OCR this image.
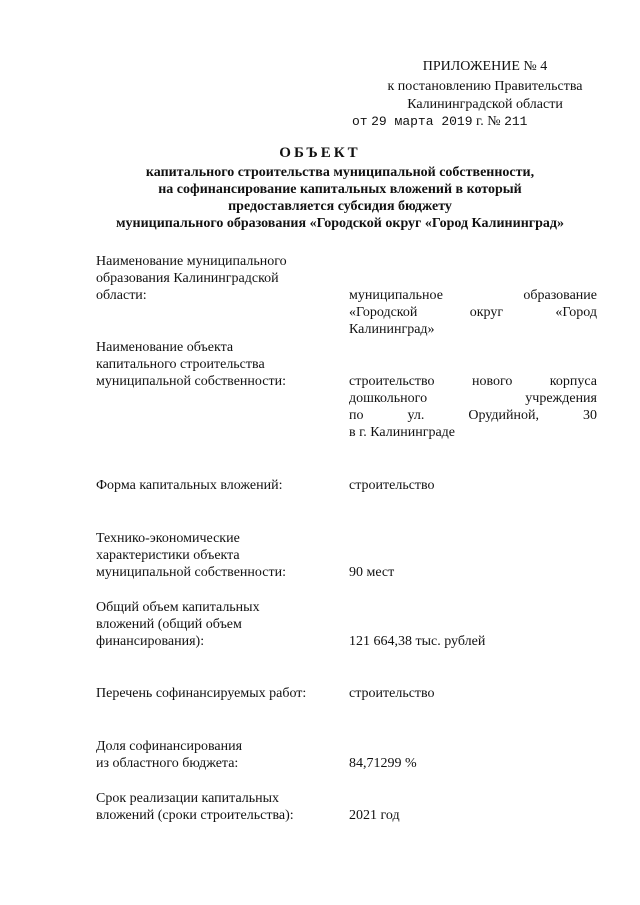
ПРИЛОЖЕНИЕ № 4
к постановлению Правительства
Калининградской области
от 29 марта 2019 г. № 211
ОБЪЕКТ
капитального строительства муниципальной собственности,
на софинансирование капитальных вложений в который
предоставляется субсидия бюджету
муниципального образования «Городской округ «Город Калининград»
Наименование муниципального
образования Калининградской
области:	муниципальное образование
«Городской округ «Город
Калининград»
Наименование объекта
капитального строительства
муниципальной собственности:	строительство нового корпуса
дошкольного учреждения
по ул. Орудийной, 30
в г. Калининграде
Форма капитальных вложений:	строительство
Технико-экономические
характеристики объекта
муниципальной собственности:	90 мест
Общий объем капитальных
вложений (общий объем
финансирования):	121 664,38 тыс. рублей
Перечень софинансируемых работ:	строительство
Доля софинансирования
из областного бюджета:	84,71299 %
Срок реализации капитальных
вложений (сроки строительства):	2021 год
